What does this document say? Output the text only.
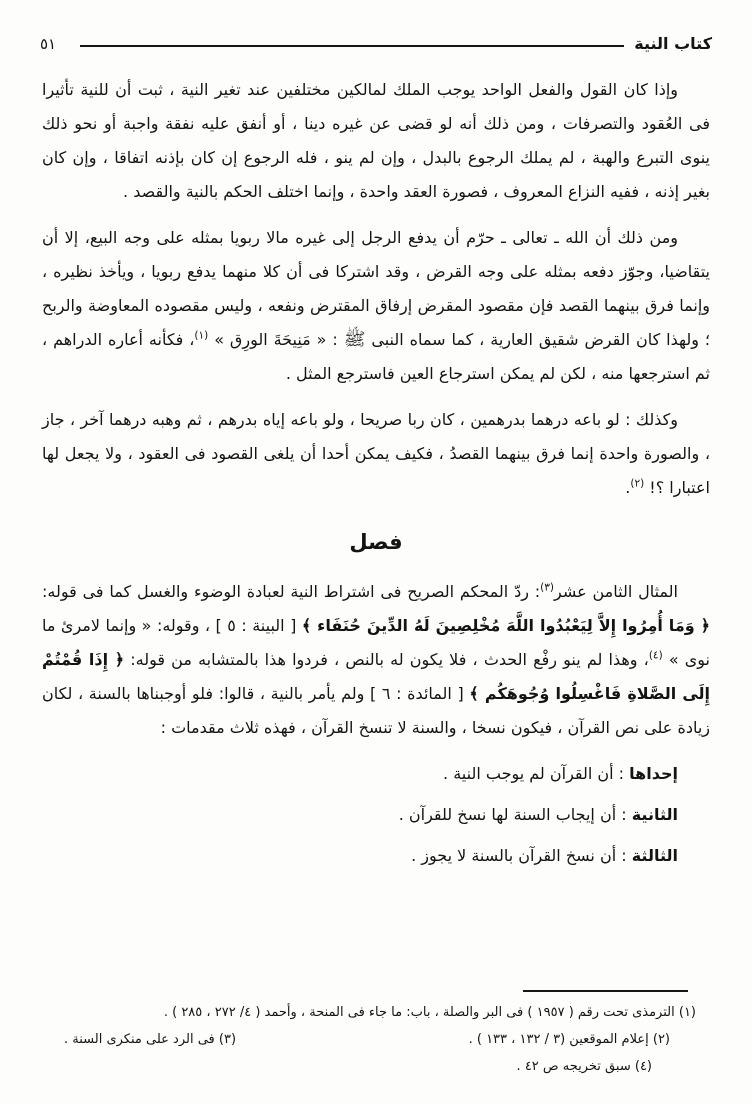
كتاب النية
٥١

وإذا كان القول والفعل الواحد يوجب الملك لمالكين مختلفين عند تغير النية ، ثبت أن للنية تأثيرا فى العُقود والتصرفات ، ومن ذلك أنه لو قضى عن غيره دينا ، أو أنفق عليه نفقة واجبة أو نحو ذلك ينوى التبرع والهبة ، لم يملك الرجوع بالبدل ، وإن لم ينو ، فله الرجوع إن كان بإذنه اتفاقا ، وإن كان بغير إذنه ، ففيه النزاع المعروف ، فصورة العقد واحدة ، وإنما اختلف الحكم بالنية والقصد .

ومن ذلك أن الله ـ تعالى ـ حرّم أن يدفع الرجل إلى غيره مالا ربويا بمثله على وجه البيع، إلا أن يتقاضيا، وجوّز دفعه بمثله على وجه القرض ، وقد اشتركا فى أن كلا منهما يدفع ربويا ، ويأخذ نظيره ، وإنما فرق بينهما القصد فإن مقصود المقرض إرفاق المقترض ونفعه ، وليس مقصوده المعاوضة والربح ؛ ولهذا كان القرض شقيق العارية ، كما سماه النبى ﷺ : « مَنِيحَةَ الورِق » $^{(١)}$، فكأنه أعاره الدراهم ، ثم استرجعها منه ، لكن لم يمكن استرجاع العين فاسترجع المثل .

وكذلك : لو باعه درهما بدرهمين ، كان ربا صريحا ، ولو باعه إياه بدرهم ، ثم وهبه درهما آخر ، جاز ، والصورة واحدة إنما فرق بينهما القصدُ ، فكيف يمكن أحدا أن يلغى القصود فى العقود ، ولا يجعل لها اعتبارا ؟! $^{(٢)}$.

فصل

المثال الثامن عشر$^{(٣)}$: ردّ المحكم الصريح فى اشتراط النية لعبادة الوضوء والغسل كما فى قوله: ﴿ وَمَا أُمِرُوا إِلاَّ لِيَعْبُدُوا اللَّهَ مُخْلِصِينَ لَهُ الدِّينَ حُنَفَاء ﴾ [ البينة : ٥ ] ، وقوله: « وإنما لامرئ ما نوى » $^{(٤)}$، وهذا لم ينو رفْع الحدث ، فلا يكون له بالنص ، فردوا هذا بالمتشابه من قوله: ﴿ إِذَا قُمْتُمْ إِلَى الصَّلاةِ فَاغْسِلُوا وُجُوهَكُم ﴾ [ المائدة : ٦ ] ولم يأمر بالنية ، قالوا: فلو أوجبناها بالسنة ، لكان زيادة على نص القرآن ، فيكون نسخا ، والسنة لا تنسخ القرآن ، فهذه ثلاث مقدمات :

إحداها : أن القرآن لم يوجب النية .

الثانية : أن إيجاب السنة لها نسخ للقرآن .

الثالثة : أن نسخ القرآن بالسنة لا يجوز .

(١) الترمذى تحت رقم ( ١٩٥٧ ) فى البر والصلة ، باب: ما جاء فى المنحة ، وأحمد ( ٤/ ٢٧٢ ، ٢٨٥ ) .
(٢) إعلام الموقعين (٣ / ١٣٢ ، ١٣٣ ) .
(٣) فى الرد على منكرى السنة .
(٤) سبق تخريجه ص ٤٢ .
